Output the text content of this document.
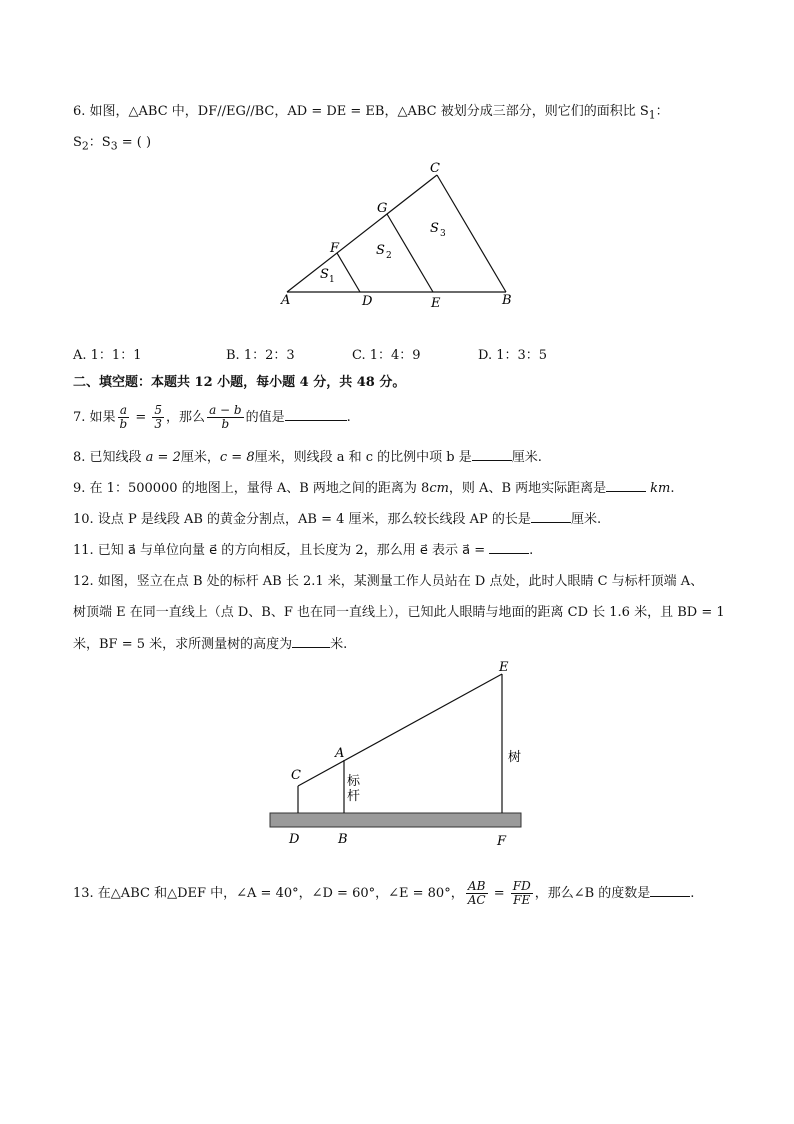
6. 如图，△ABC 中，DF//EG//BC，AD = DE = EB，△ABC 被划分成三部分，则它们的面积比 $S_1$：
$S_2$：$S_3$ = ( )
A	D	E	B
C
G
F
S 1
S 2
S 3
A. 1：1：1	B. 1：2：3	C. 1：4：9	D. 1：3：5
二、填空题：本题共 12 小题，每小题 4 分，共 48 分。
7. 如果 $\frac{a}{b} = \frac{5}{3}$ ，那么 $\frac{a - b}{b}$ 的值是	.
8. 已知线段 a = 2厘米，c = 8厘米，则线段 a 和 c 的比例中项 b 是	厘米.
9. 在 1：500000 的地图上，量得 A、B 两地之间的距离为 8cm，则 A、B 两地实际距离是	km.
10. 设点 P 是线段 AB 的黄金分割点，AB = 4 厘米，那么较长线段 AP 的长是	厘米.
11. 已知 a⃗ 与单位向量 e⃗ 的方向相反，且长度为 2，那么用 e⃗ 表示 a⃗ =	.
12. 如图，竖立在点 B 处的标杆 AB 长 2.1 米，某测量工作人员站在 D 点处，此时人眼睛 C 与标杆顶端 A、
树顶端 E 在同一直线上（点 D、B、F 也在同一直线上），已知此人眼睛与地面的距离 CD 长 1.6 米，且 BD = 1
米，BF = 5 米，求所测量树的高度为	米.
D	B	F
C
A
E
标
杆
树
13. 在△ABC 和△DEF 中，∠A = 40°，∠D = 60°，∠E = 80°， $\frac{AB}{AC} = \frac{FD}{FE}$ ，那么∠B 的度数是	.
